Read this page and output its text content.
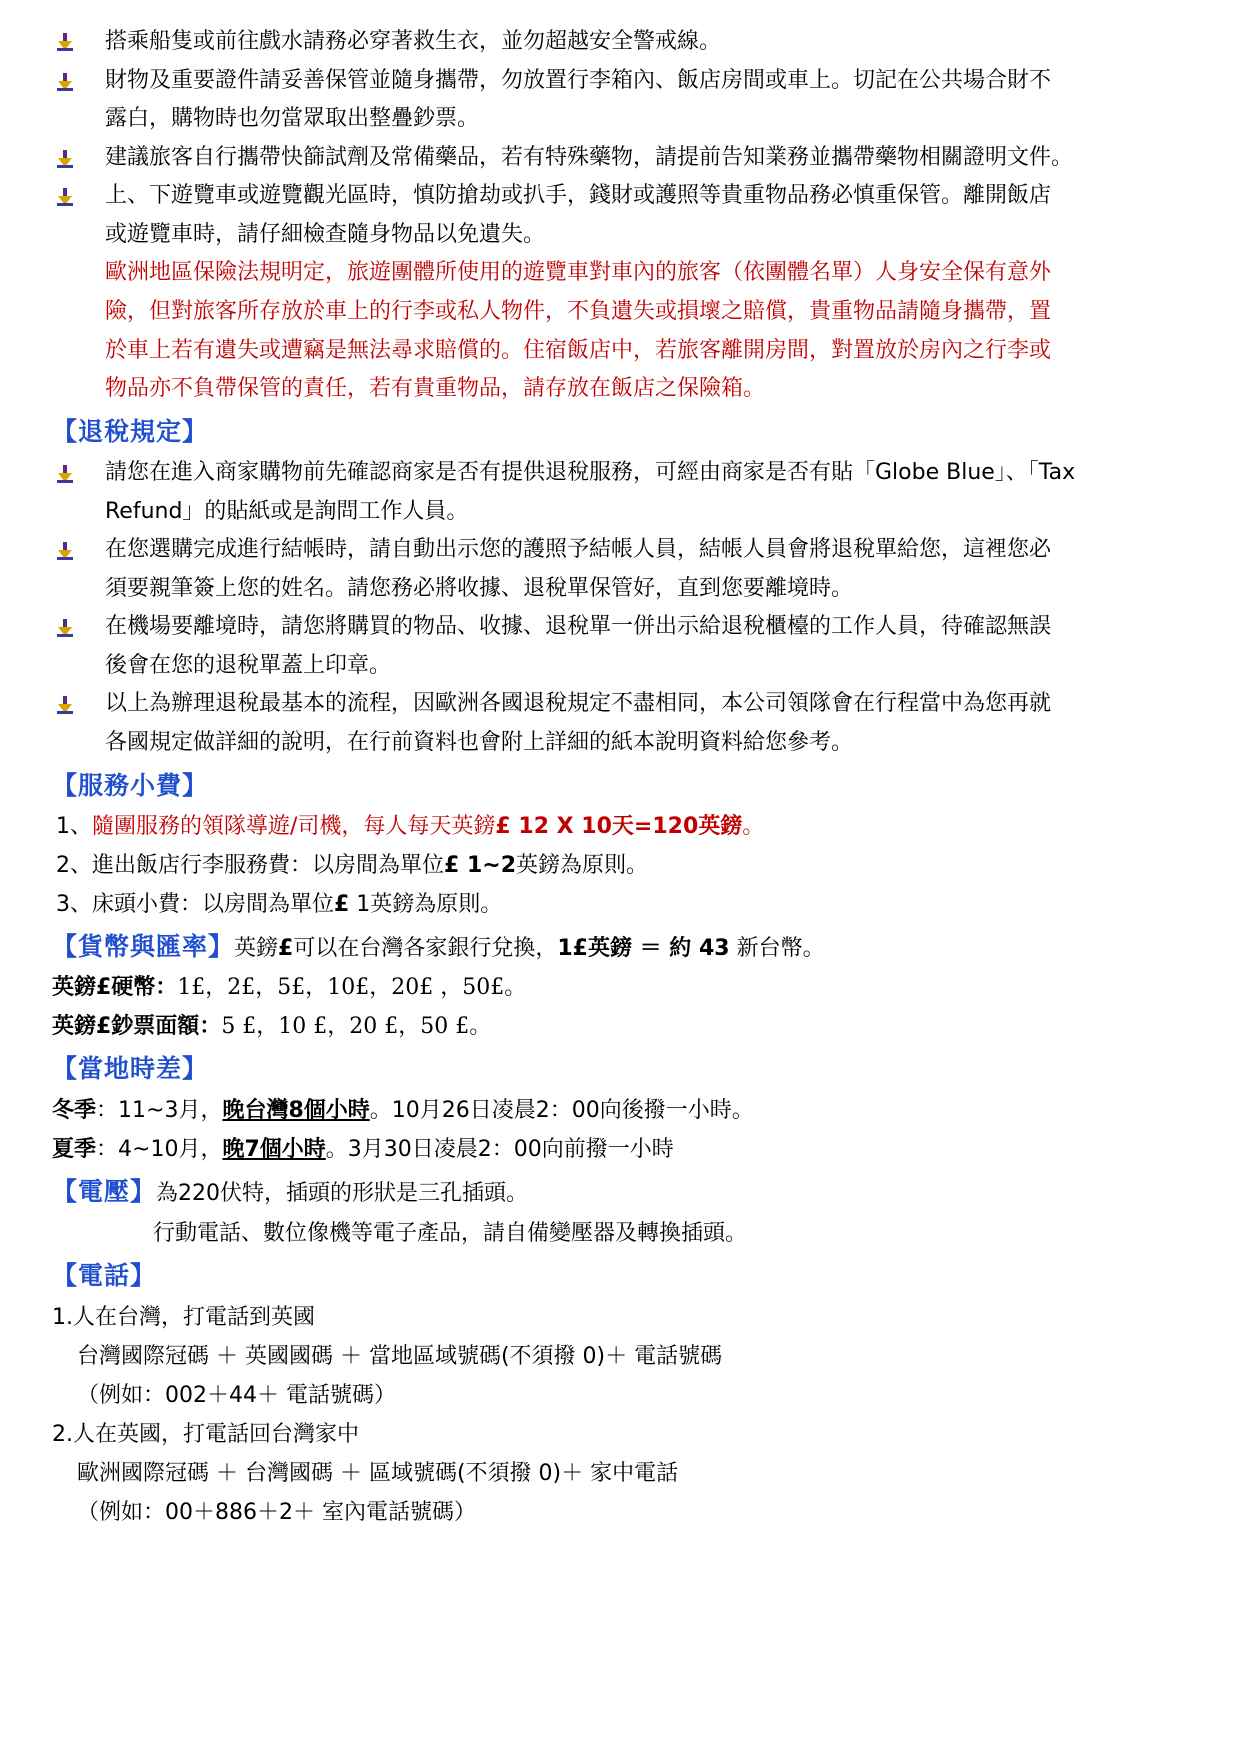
搭乘船隻或前往戲水請務必穿著救生衣，並勿超越安全警戒線。
財物及重要證件請妥善保管並隨身攜帶，勿放置行李箱內、飯店房間或車上。切記在公共場合財不
露白，購物時也勿當眾取出整疊鈔票。
建議旅客自行攜帶快篩試劑及常備藥品，若有特殊藥物，請提前告知業務並攜帶藥物相關證明文件。
上、下遊覽車或遊覽觀光區時，慎防搶劫或扒手，錢財或護照等貴重物品務必慎重保管。離開飯店
或遊覽車時，請仔細檢查隨身物品以免遺失。
歐洲地區保險法規明定，旅遊團體所使用的遊覽車對車內的旅客（依團體名單）人身安全保有意外
險，但對旅客所存放於車上的行李或私人物件，不負遺失或損壞之賠償，貴重物品請隨身攜帶，置
於車上若有遺失或遭竊是無法尋求賠償的。住宿飯店中，若旅客離開房間，對置放於房內之行李或
物品亦不負帶保管的責任，若有貴重物品，請存放在飯店之保險箱。
【退稅規定】
請您在進入商家購物前先確認商家是否有提供退稅服務，可經由商家是否有貼「Globe Blue」、「Tax
Refund」的貼紙或是詢問工作人員。
在您選購完成進行結帳時，請自動出示您的護照予結帳人員，結帳人員會將退稅單給您，這裡您必
須要親筆簽上您的姓名。請您務必將收據、退稅單保管好，直到您要離境時。
在機場要離境時，請您將購買的物品、收據、退稅單一併出示給退稅櫃檯的工作人員，待確認無誤
後會在您的退稅單蓋上印章。
以上為辦理退稅最基本的流程，因歐洲各國退稅規定不盡相同，本公司領隊會在行程當中為您再就
各國規定做詳細的說明，在行前資料也會附上詳細的紙本說明資料給您參考。
【服務小費】
1、隨團服務的領隊導遊/司機，每人每天英鎊£ 12 X 10天=120英鎊。
2、進出飯店行李服務費：以房間為單位£ 1~2英鎊為原則。
3、床頭小費：以房間為單位£ 1英鎊為原則。
【貨幣與匯率】英鎊£可以在台灣各家銀行兌換，1£英鎊 ＝ 約 43 新台幣。
英鎊£硬幣：1£，2£，5£，10£，20£ ，50£。
英鎊£鈔票面額：5 £，10 £，20 £，50 £。
【當地時差】
冬季：11~3月，晚台灣8個小時。10月26日凌晨2：00向後撥一小時。
夏季：4~10月，晚7個小時。3月30日凌晨2：00向前撥一小時
【電壓】為220伏特，插頭的形狀是三孔插頭。
行動電話、數位像機等電子產品，請自備變壓器及轉換插頭。
【電話】
1.人在台灣，打電話到英國
台灣國際冠碼 ＋ 英國國碼 ＋ 當地區域號碼(不須撥 0)＋ 電話號碼
（例如：002＋44＋ 電話號碼）
2.人在英國，打電話回台灣家中
歐洲國際冠碼 ＋ 台灣國碼 ＋ 區域號碼(不須撥 0)＋ 家中電話
（例如：00＋886＋2＋ 室內電話號碼）
